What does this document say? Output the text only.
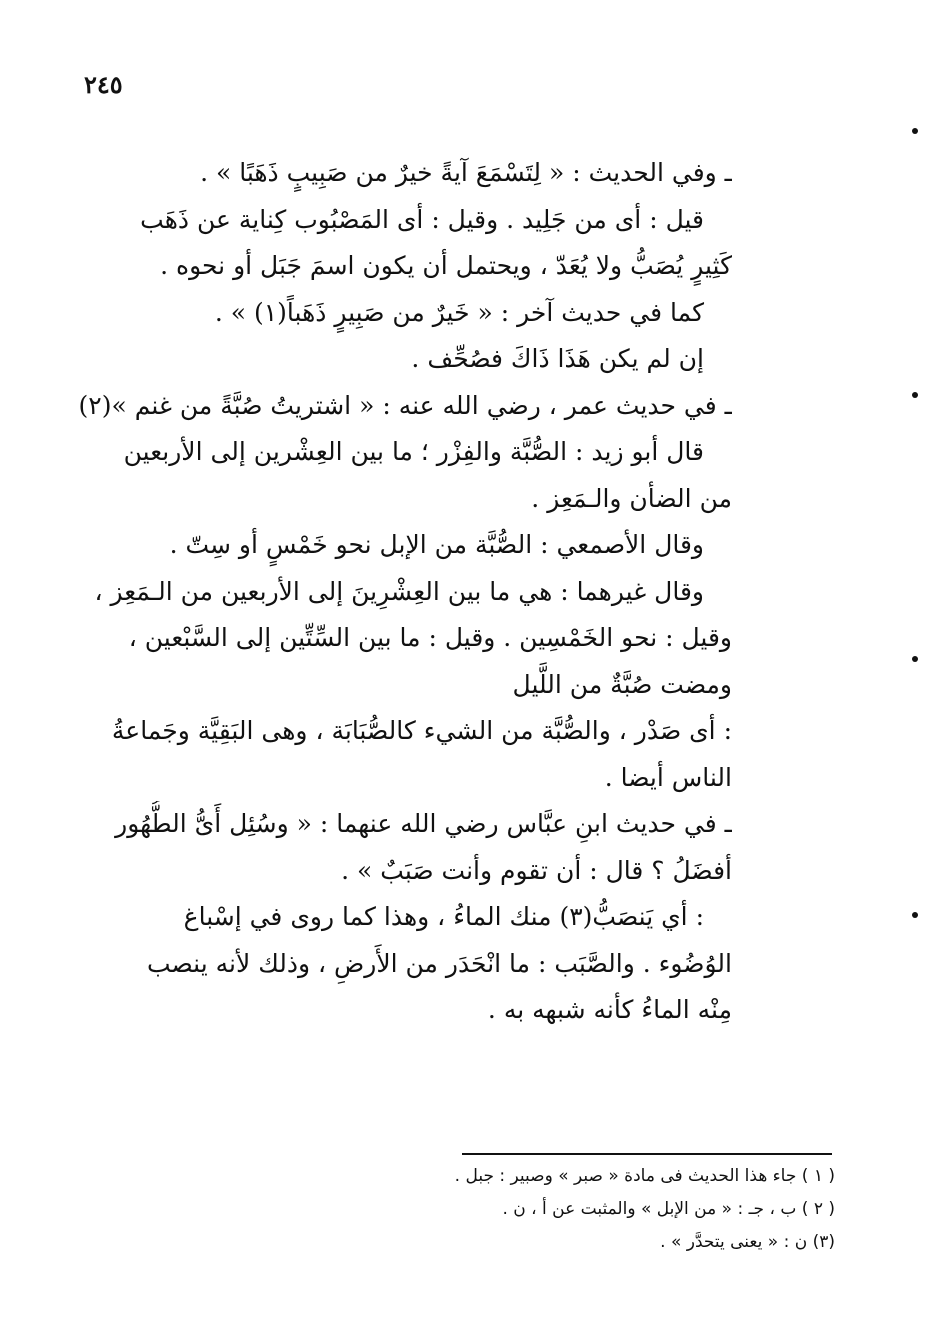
٢٤٥
ـ وفي الحديث : « لِتَسْمَعَ آيةً خيرٌ من صَبِيبٍ ذَهَبًا » .
قيل : أى من جَلِيد . وقيل : أى المَصْبُوب كِناية عن ذَهَب
كَثِيرٍ يُصَبُّ ولا يُعَدّ ، ويحتمل أن يكون اسمَ جَبَل أو نحوه .
كما في حديث آخر : « خَيرٌ من صَبِيرٍ ذَهَباً(١) » .
إن لم يكن هَذَا ذَاكَ فصُحِّف .
ـ في حديث عمر ، رضي الله عنه : « اشتريتُ صُبَّةً من غنم »(٢)
قال أبو زيد : الصُّبَّة والفِزْر ؛ ما بين العِشْرين إلى الأربعين
من الضأن والـمَعِز .
وقال الأصمعي : الصُّبَّة من الإبل نحو خَمْسٍ أو سِتّ .
وقال غيرهما : هي ما بين العِشْرِينَ إلى الأربعين من الـمَعِز ،
وقيل : نحو الخَمْسِين . وقيل : ما بين السِّتِّين إلى السَّبْعين ،
ومضت صُبَّةٌ من اللَّيل
: أى صَدْر ، والصُّبَّة من الشيء كالصُّبَابَة ، وهى البَقِيَّة وجَماعةُ
الناس أيضا .
ـ في حديث ابنِ عبَّاس رضي الله عنهما : « وسُئِل أَىُّ الطُّهُور
أفضَلُ ؟ قال : أن تقوم وأنت صَبَبٌ » .
: أي يَنصَبُّ(٣) منك الماءُ ، وهذا كما روى في إسْباغ
الوُضُوء . والصَّبَب : ما انْحَدَر من الأَرضِ ، وذلك لأنه ينصب
مِنْه الماءُ كأنه شبهه به .
( ١ ) جاء هذا الحديث فى مادة « صبر » وصبير : جبل .
( ٢ ) ب ، جـ : « من الإبل » والمثبت عن أ ، ن .
(٣) ن : « يعنى يتحدَّر » .
